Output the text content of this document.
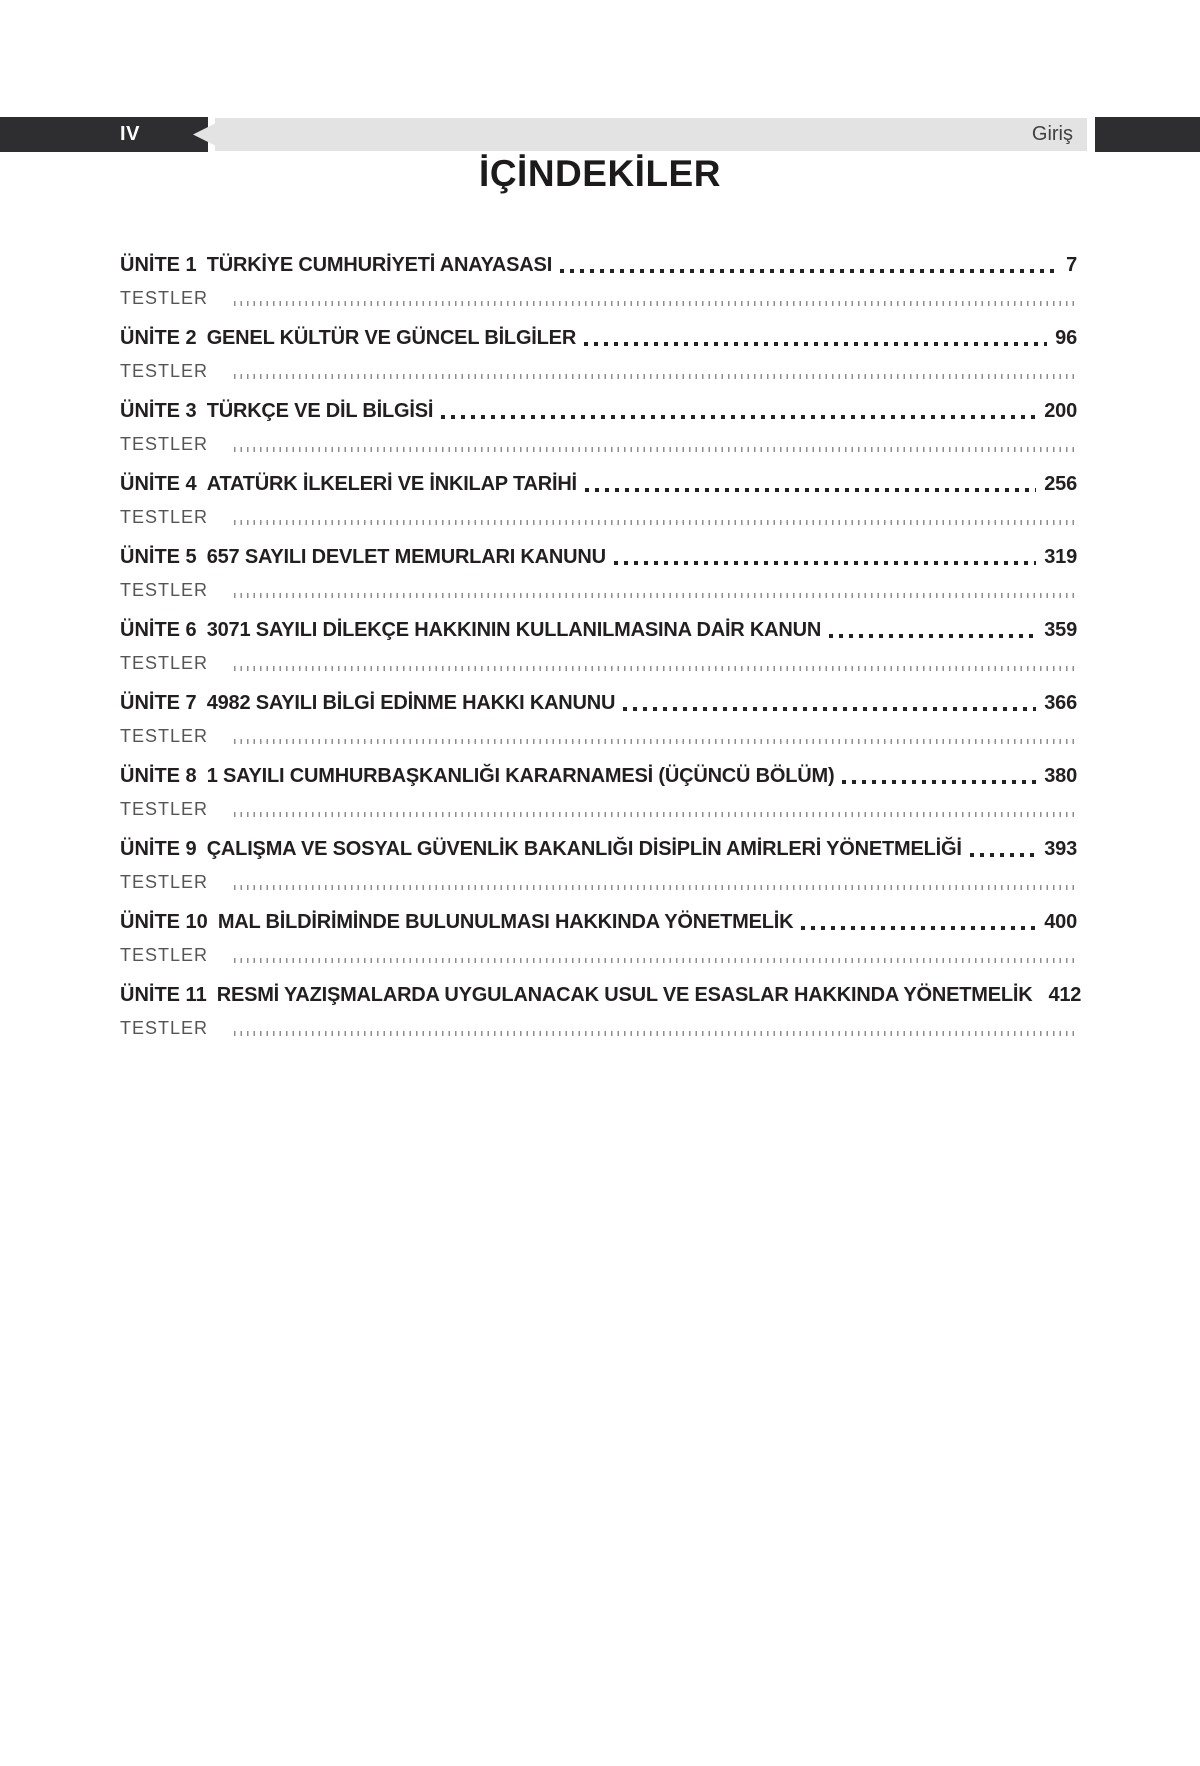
IV	Giriş
İÇİNDEKİLER
ÜNİTE 1 TÜRKİYE CUMHURİYETİ ANAYASASI	7
TESTLER
ÜNİTE 2 GENEL KÜLTÜR VE GÜNCEL BİLGİLER	96
TESTLER
ÜNİTE 3 TÜRKÇE VE DİL BİLGİSİ	200
TESTLER
ÜNİTE 4 ATATÜRK İLKELERİ VE İNKILAP TARİHİ	256
TESTLER
ÜNİTE 5 657 SAYILI DEVLET MEMURLARI KANUNU	319
TESTLER
ÜNİTE 6 3071 SAYILI DİLEKÇE HAKKININ KULLANILMASINA DAİR KANUN	359
TESTLER
ÜNİTE 7 4982 SAYILI BİLGİ EDİNME HAKKI KANUNU	366
TESTLER
ÜNİTE 8 1 SAYILI CUMHURBAŞKANLIĞI KARARNAMESİ (ÜÇÜNCÜ BÖLÜM)	380
TESTLER
ÜNİTE 9 ÇALIŞMA VE SOSYAL GÜVENLİK BAKANLIĞI DİSİPLİN AMİRLERİ YÖNETMELİĞİ	393
TESTLER
ÜNİTE 10 MAL BİLDİRİMİNDE BULUNULMASI HAKKINDA YÖNETMELİK	400
TESTLER
ÜNİTE 11 RESMİ YAZIŞMALARDA UYGULANACAK USUL VE ESASLAR HAKKINDA YÖNETMELİK 412
TESTLER
